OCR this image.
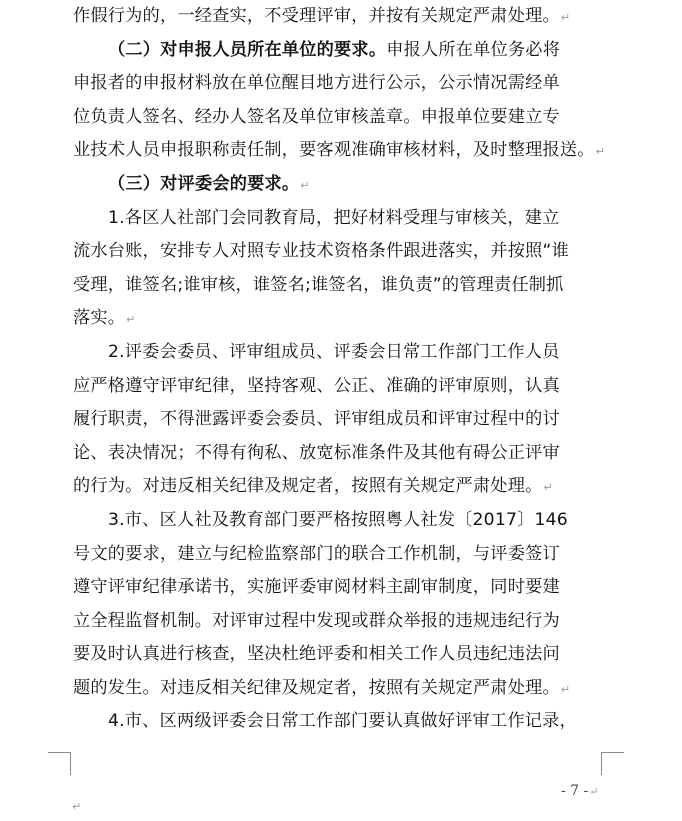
作假行为的，一经查实，不受理评审，并按有关规定严肃处理。↵
（二）对申报人员所在单位的要求。申报人所在单位务必将
申报者的申报材料放在单位醒目地方进行公示，公示情况需经单
位负责人签名、经办人签名及单位审核盖章。申报单位要建立专
业技术人员申报职称责任制，要客观准确审核材料，及时整理报送。↵
（三）对评委会的要求。↵
1.各区人社部门会同教育局，把好材料受理与审核关，建立
流水台账，安排专人对照专业技术资格条件跟进落实，并按照“谁
受理，谁签名;谁审核，谁签名;谁签名，谁负责”的管理责任制抓
落实。↵
2.评委会委员、评审组成员、评委会日常工作部门工作人员
应严格遵守评审纪律，坚持客观、公正、准确的评审原则，认真
履行职责，不得泄露评委会委员、评审组成员和评审过程中的讨
论、表决情况；不得有徇私、放宽标准条件及其他有碍公正评审
的行为。对违反相关纪律及规定者，按照有关规定严肃处理。↵
3.市、区人社及教育部门要严格按照粤人社发〔2017〕146
号文的要求，建立与纪检监察部门的联合工作机制，与评委签订
遵守评审纪律承诺书，实施评委审阅材料主副审制度，同时要建
立全程监督机制。对评审过程中发现或群众举报的违规违纪行为
要及时认真进行核查，坚决杜绝评委和相关工作人员违纪违法问
题的发生。对违反相关纪律及规定者，按照有关规定严肃处理。↵
4.市、区两级评委会日常工作部门要认真做好评审工作记录，
- 7 -↵
↵
